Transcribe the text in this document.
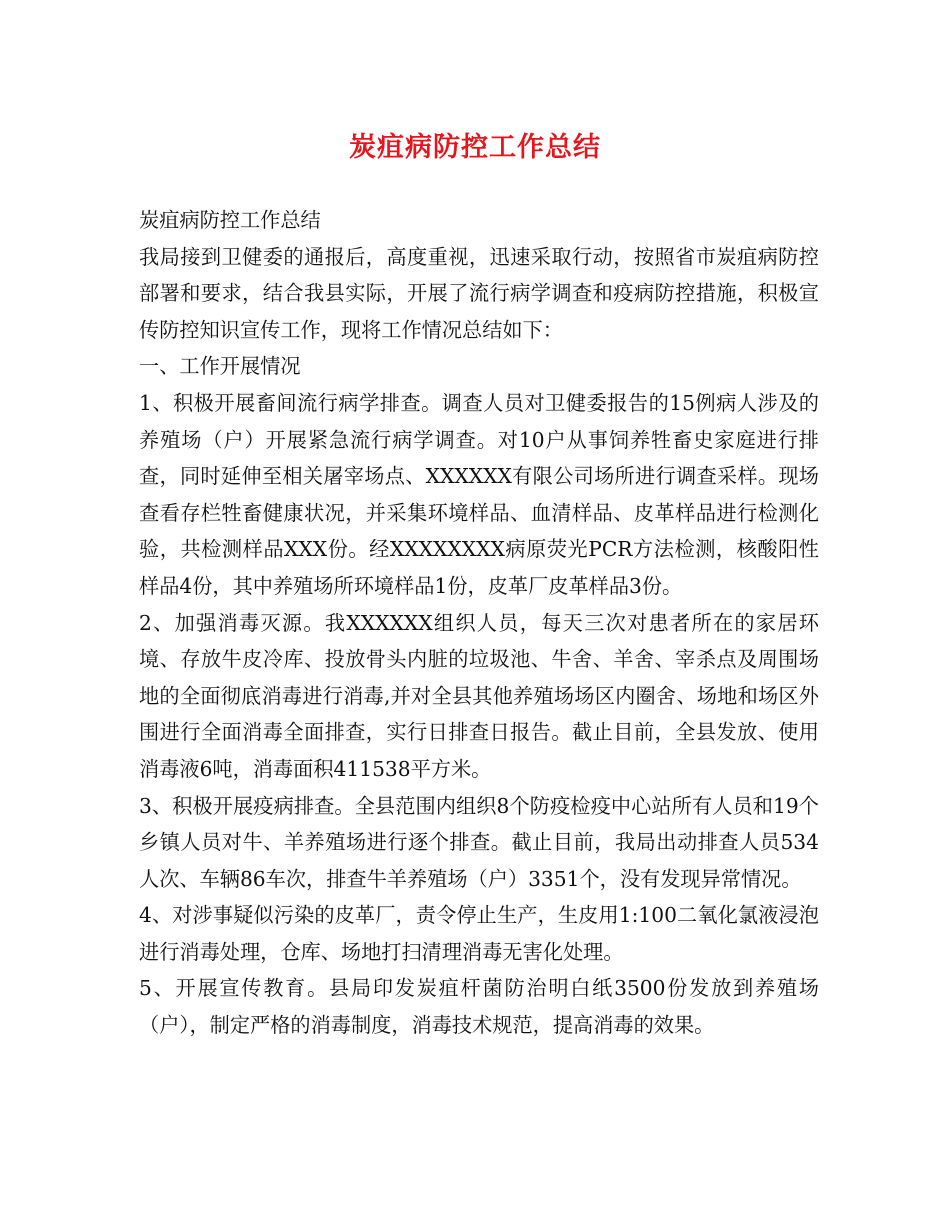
炭疽病防控工作总结

炭疽病防控工作总结

我局接到卫健委的通报后，高度重视，迅速采取行动，按照省市炭疽病防控部署和要求，结合我县实际，开展了流行病学调查和疫病防控措施，积极宣传防控知识宣传工作，现将工作情况总结如下：

一、工作开展情况

1、积极开展畜间流行病学排查。调查人员对卫健委报告的15例病人涉及的养殖场（户）开展紧急流行病学调查。对10户从事饲养牲畜史家庭进行排查，同时延伸至相关屠宰场点、XXXXXX有限公司场所进行调查采样。现场查看存栏牲畜健康状况，并采集环境样品、血清样品、皮革样品进行检测化验，共检测样品XXX份。经XXXXXXXX病原荧光PCR方法检测，核酸阳性样品4份，其中养殖场所环境样品1份，皮革厂皮革样品3份。

2、加强消毒灭源。我XXXXXX组织人员，每天三次对患者所在的家居环境、存放牛皮冷库、投放骨头内脏的垃圾池、牛舍、羊舍、宰杀点及周围场地的全面彻底消毒进行消毒,并对全县其他养殖场场区内圈舍、场地和场区外围进行全面消毒全面排查，实行日排查日报告。截止目前，全县发放、使用消毒液6吨，消毒面积411538平方米。

3、积极开展疫病排查。全县范围内组织8个防疫检疫中心站所有人员和19个乡镇人员对牛、羊养殖场进行逐个排查。截止目前，我局出动排查人员534人次、车辆86车次，排查牛羊养殖场（户）3351个，没有发现异常情况。

4、对涉事疑似污染的皮革厂，责令停止生产，生皮用1:100二氧化氯液浸泡进行消毒处理，仓库、场地打扫清理消毒无害化处理。

5、开展宣传教育。县局印发炭疽杆菌防治明白纸3500份发放到养殖场（户），制定严格的消毒制度，消毒技术规范，提高消毒的效果。
